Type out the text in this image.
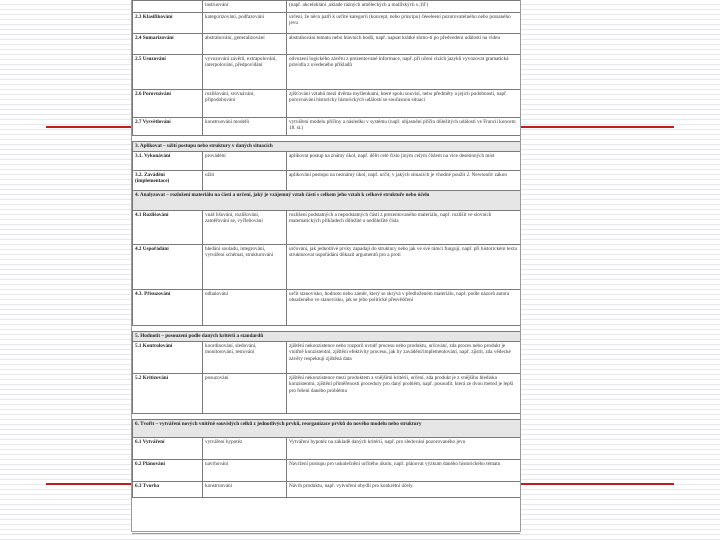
	instruování	(např. akceleklání ,uklade rázných uměleckých a malířských s.;řil')
2.3 Klasifikování	kategorizování, podřazování	určení, že něco patří k určité kategorii (koncept, nebo principu) čéeeleení pozorovatelného nebo porsaného jevu
2.4 Sumarizování	abstrahování, generalizování	abstrahování tematu nebo hlavních bodů, např. napsat krátké shrno-tí po předvedení událostí na videu
2.5 Usuzování	vyvozování závěrů, extrapolování, interpolování, předpovídání	odvození logického závěru z prezentované informace, např. při učení cizích jazyků vyvozovat gramatická pravidla z uvedeného příkladů
2.6 Porovnávání	rozlišování, srovnávání, připodobování	zjišťování vztahů mezi dvěma myšlenkami, které spolu souvisí, nebo předměty a jejich podobností, např. porovnávání historicky historických událostí se současnou situací
2.7 Vysvětlování	konstruování modelů	vytváření modelu příčiny a následku v systému (např. objasnění příčin důležitých událostí ve Francii koncem 18. st.)

3. Aplikovat – užití postupu nebo struktury v daných situacích		
3.1. Vykonávání	provádění	aplikovat postup na známý úkol, např. dělit celé číslo jiným celým číslem na více desetinných míst
3.2. Zavádění (implementace)	užití	aplikování postupu na neznámý úkol, např. určit, v jakých situacích je vhodné použít 2. Newtonův zákon
4. Analyzovat – rozložení materiálu na části a určení, jaký je vzájemný vztah částí s celkem jeho vztah k celkové struktuře nebo účelu		
4.1 Rozlišování	vnáš lišování, rozlišování, zaměřování se, vyčleňování	rozlišení podstatných a nepodstatných částí z prezentovaného materiálu, např. rozlišit ve slovních matematických příkladech důležité a nedůležité čísla
4.2 Uspořádání	hledání souladu, integrování, vytváření schémat, strukturování	určování, jak jednotlivé prvky zapadají do struktury nebo jak ve své rámci fungují, např. při historickém textu strukturovat uspořádání důkazů argumentů pro a proti
4.3. Přisuzování	odhalování	určit stanovisko, hodnotu nebo záměr, který se skrývá v předloženém materiálu, např. podle názorů autora obsaženého ve stanovisku, jak se jeho politické přesvědčení

5. Hodnotit – posouzení podle daných kritérií a standardů		
5.1 Kontrolování	koordinování, sledování, monitorování, testování	zjištění nekonzistence nebo rozporů uvnitř procesu nebo produktu, určování, zda proces nebo produkt je vnitřně konzistentní, zjištění efektivity procesu, jak by zavádění/implementování, např. zjistit, zda vědecké závěry respektují zjištěná data
5.2 Kritizování	posuzování	zjištění nekonzistence mezi produktem a vnějšími kritérii, určení, zda produkt je z vnějšího hlediska konzistentní, zjištění přiměřenosti procedury pro daný problém, např. posoudit, která ze dvou metod je lepší pro řešení daného problému

6. Tvořit – vytváření nových vnitřně souvislých celků z jednotlivých prvků, reorganizace prvků do nového modelu nebo struktury		
6.1 Vytváření	vytváření hypotéz	Vytváření hypotéz na základě daných kritérií, např. pro sledování pozorovaného jevu
6.2 Plánování	navrhování	Navržení postupu pro uskutečnění určitého úkolu, např. plánovat výzkum daného historického tématu
6.3 Tvorba	konstruování	Návrh produktu, např. vytvoření obydlí pro konkrétní účely.
